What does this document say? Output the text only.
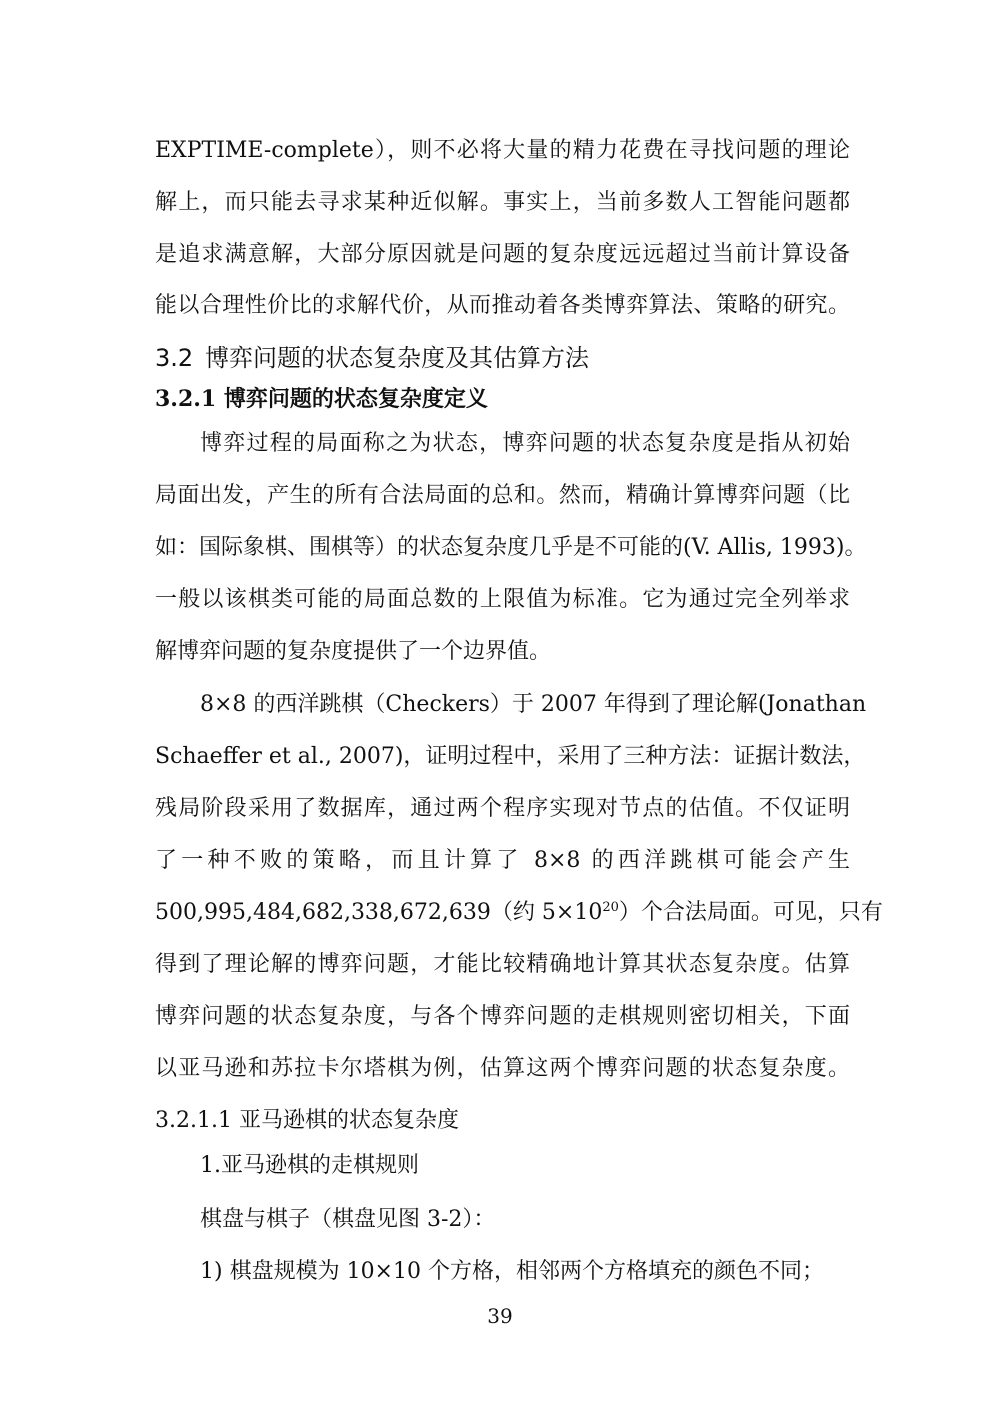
EXPTIME-complete），则不必将大量的精力花费在寻找问题的理论
解上，而只能去寻求某种近似解。事实上，当前多数人工智能问题都
是追求满意解，大部分原因就是问题的复杂度远远超过当前计算设备
能以合理性价比的求解代价，从而推动着各类博弈算法、策略的研究。
3.2 博弈问题的状态复杂度及其估算方法
3.2.1 博弈问题的状态复杂度定义
博弈过程的局面称之为状态，博弈问题的状态复杂度是指从初始
局面出发，产生的所有合法局面的总和。然而，精确计算博弈问题（比
如：国际象棋、围棋等）的状态复杂度几乎是不可能的(V. Allis, 1993)。
一般以该棋类可能的局面总数的上限值为标准。它为通过完全列举求
解博弈问题的复杂度提供了一个边界值。
8×8 的西洋跳棋（Checkers）于 2007 年得到了理论解(Jonathan
Schaeffer et al., 2007)，证明过程中，采用了三种方法：证据计数法，
残局阶段采用了数据库，通过两个程序实现对节点的估值。不仅证明
了一种不败的策略，而且计算了 8×8 的西洋跳棋可能会产生
500,995,484,682,338,672,639（约 $5\times 10^{20}$）个合法局面。可见，只有
得到了理论解的博弈问题，才能比较精确地计算其状态复杂度。估算
博弈问题的状态复杂度，与各个博弈问题的走棋规则密切相关，下面
以亚马逊和苏拉卡尔塔棋为例，估算这两个博弈问题的状态复杂度。
3.2.1.1 亚马逊棋的状态复杂度
1.亚马逊棋的走棋规则
棋盘与棋子（棋盘见图 3-2）：
1) 棋盘规模为 10×10 个方格，相邻两个方格填充的颜色不同；
39
